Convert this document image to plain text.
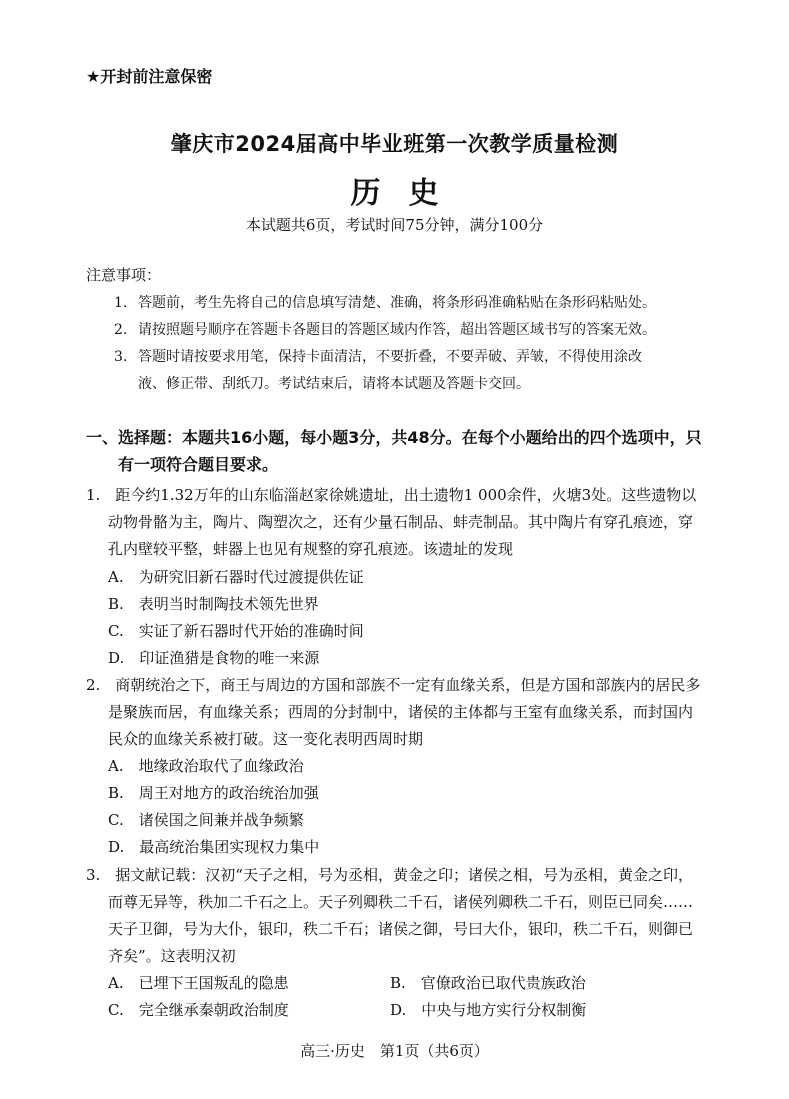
★开封前注意保密
肇庆市2024届高中毕业班第一次教学质量检测
历史
本试题共6页，考试时间75分钟，满分100分
注意事项：
1. 答题前，考生先将自己的信息填写清楚、准确，将条形码准确粘贴在条形码粘贴处。
2. 请按照题号顺序在答题卡各题目的答题区域内作答，超出答题区域书写的答案无效。
3. 答题时请按要求用笔，保持卡面清洁，不要折叠，不要弄破、弄皱，不得使用涂改
液、修正带、刮纸刀。考试结束后，请将本试题及答题卡交回。
一、选择题：本题共16小题，每小题3分，共48分。在每个小题给出的四个选项中，只
有一项符合题目要求。
1.　距今约1.32万年的山东临淄赵家徐姚遗址，出土遗物1 000余件，火塘3处。这些遗物以
动物骨骼为主，陶片、陶塑次之，还有少量石制品、蚌壳制品。其中陶片有穿孔痕迹，穿
孔内壁较平整，蚌器上也见有规整的穿孔痕迹。该遗址的发现
A.　为研究旧新石器时代过渡提供佐证
B.　表明当时制陶技术领先世界
C.　实证了新石器时代开始的准确时间
D.　印证渔猎是食物的唯一来源
2.　商朝统治之下，商王与周边的方国和部族不一定有血缘关系，但是方国和部族内的居民多
是聚族而居，有血缘关系；西周的分封制中，诸侯的主体都与王室有血缘关系，而封国内
民众的血缘关系被打破。这一变化表明西周时期
A.　地缘政治取代了血缘政治
B.　周王对地方的政治统治加强
C.　诸侯国之间兼并战争频繁
D.　最高统治集团实现权力集中
3.　据文献记载：汉初“天子之相，号为丞相，黄金之印；诸侯之相，号为丞相，黄金之印，
而尊无异等，秩加二千石之上。天子列卿秩二千石，诸侯列卿秩二千石，则臣已同矣……
天子卫御，号为大仆，银印，秩二千石；诸侯之御，号曰大仆，银印，秩二千石，则御已
齐矣”。这表明汉初
A.　已埋下王国叛乱的隐患	B.　官僚政治已取代贵族政治
C.　完全继承秦朝政治制度	D.　中央与地方实行分权制衡
高三·历史　第1页（共6页）
